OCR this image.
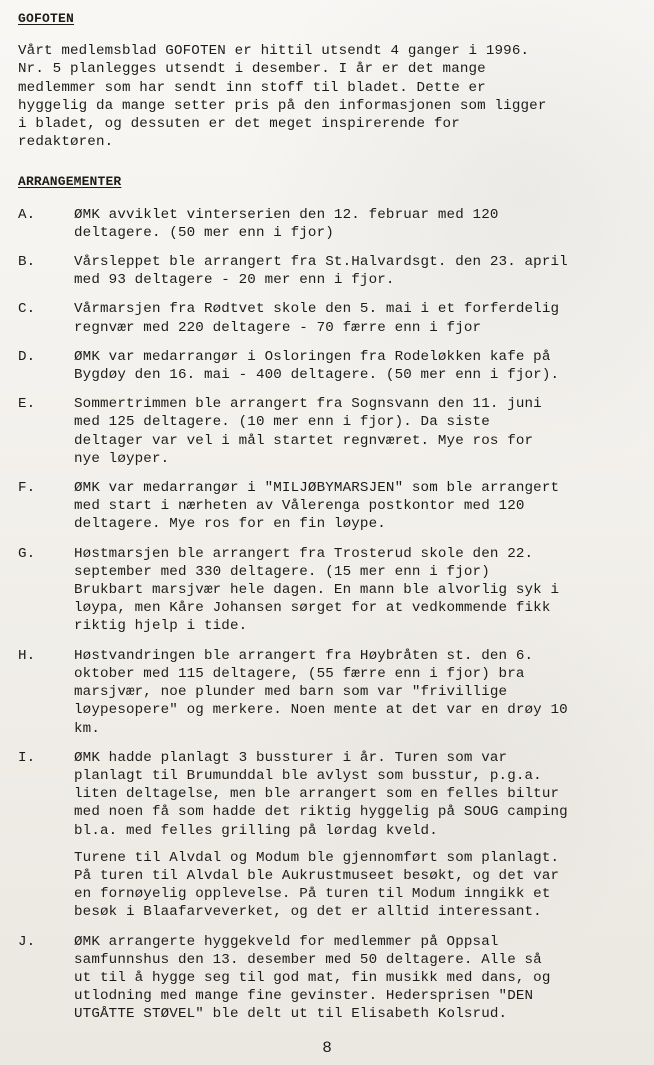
GOFOTEN
Vårt medlemsblad GOFOTEN er hittil utsendt 4 ganger i 1996.
Nr. 5 planlegges utsendt i desember. I år er det mange
medlemmer som har sendt inn stoff til bladet. Dette er
hyggelig da mange setter pris på den informasjonen som ligger
i bladet, og dessuten er det meget inspirerende for
redaktøren.
ARRANGEMENTER
A.	ØMK avviklet vinterserien den 12. februar med 120
deltagere. (50 mer enn i fjor)
B.	Vårsleppet ble arrangert fra St.Halvardsgt. den 23. april
med 93 deltagere - 20 mer enn i fjor.
C.	Vårmarsjen fra Rødtvet skole den 5. mai i et forferdelig
regnvær med 220 deltagere - 70 færre enn i fjor
D.	ØMK var medarrangør i Osloringen fra Rodeløkken kafe på
Bygdøy den 16. mai - 400 deltagere. (50 mer enn i fjor).
E.	Sommertrimmen ble arrangert fra Sognsvann den 11. juni
med 125 deltagere. (10 mer enn i fjor). Da siste
deltager var vel i mål startet regnværet. Mye ros for
nye løyper.
F.	ØMK var medarrangør i "MILJØBYMARSJEN" som ble arrangert
med start i nærheten av Vålerenga postkontor med 120
deltagere. Mye ros for en fin løype.
G.	Høstmarsjen ble arrangert fra Trosterud skole den 22.
september med 330 deltagere. (15 mer enn i fjor)
Brukbart marsjvær hele dagen. En mann ble alvorlig syk i
løypa, men Kåre Johansen sørget for at vedkommende fikk
riktig hjelp i tide.
H.	Høstvandringen ble arrangert fra Høybråten st. den 6.
oktober med 115 deltagere, (55 færre enn i fjor) bra
marsjvær, noe plunder med barn som var "frivillige
løypesopere" og merkere. Noen mente at det var en drøy 10
km.
I.	ØMK hadde planlagt 3 bussturer i år. Turen som var
planlagt til Brumunddal ble avlyst som busstur, p.g.a.
liten deltagelse, men ble arrangert som en felles biltur
med noen få som hadde det riktig hyggelig på SOUG camping
bl.a. med felles grilling på lørdag kveld.
Turene til Alvdal og Modum ble gjennomført som planlagt.
På turen til Alvdal ble Aukrustmuseet besøkt, og det var
en fornøyelig opplevelse. På turen til Modum inngikk et
besøk i Blaafarveverket, og det er alltid interessant.
J.	ØMK arrangerte hyggekveld for medlemmer på Oppsal
samfunnshus den 13. desember med 50 deltagere. Alle så
ut til å hygge seg til god mat, fin musikk med dans, og
utlodning med mange fine gevinster. Hedersprisen "DEN
UTGÅTTE STØVEL" ble delt ut til Elisabeth Kolsrud.
8
